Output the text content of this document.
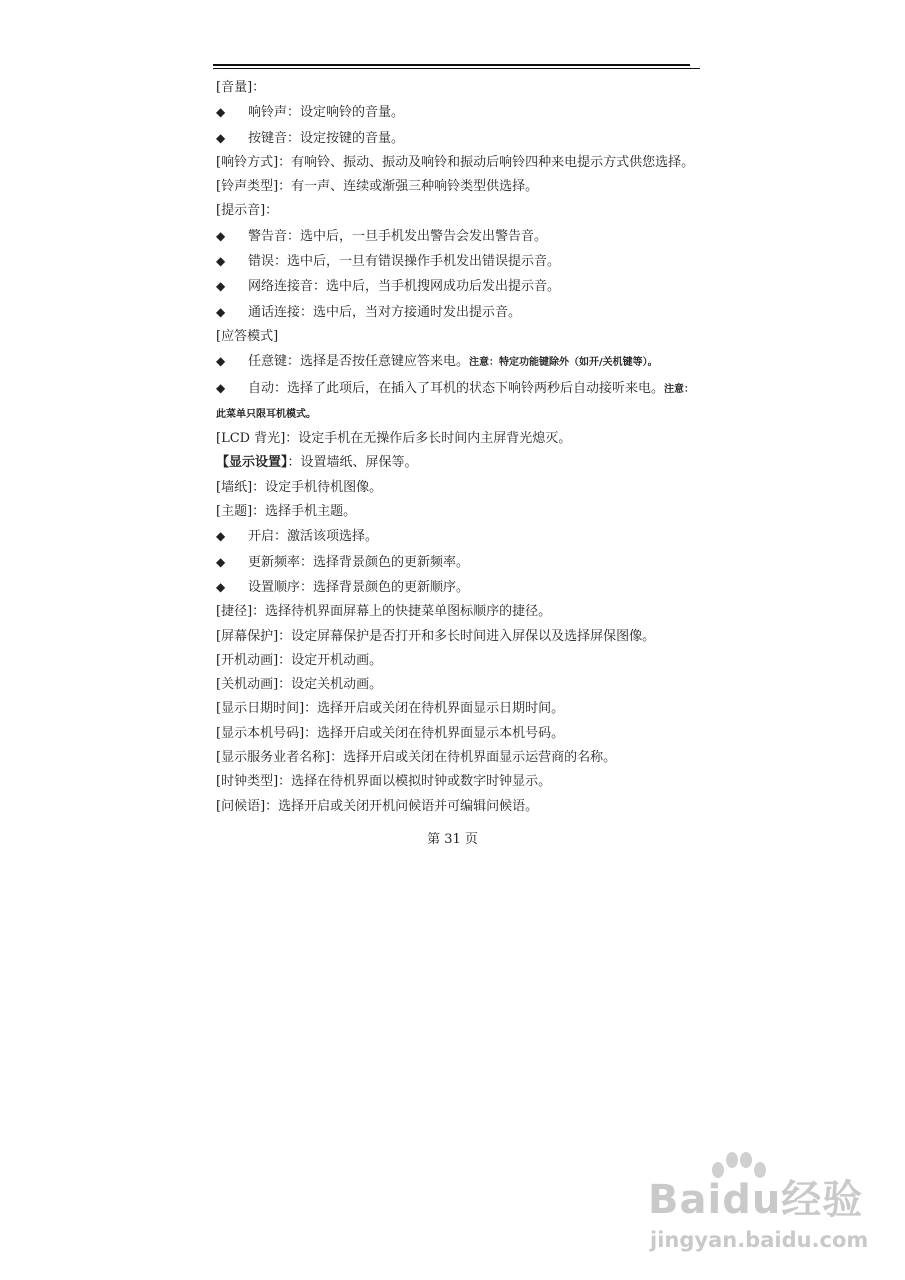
[音量]：
◆ 响铃声：设定响铃的音量。
◆ 按键音：设定按键的音量。
[响铃方式]：有响铃、振动、振动及响铃和振动后响铃四种来电提示方式供您选择。
[铃声类型]：有一声、连续或渐强三种响铃类型供选择。
[提示音]：
◆ 警告音：选中后，一旦手机发出警告会发出警告音。
◆ 错误：选中后，一旦有错误操作手机发出错误提示音。
◆ 网络连接音：选中后，当手机搜网成功后发出提示音。
◆ 通话连接：选中后，当对方接通时发出提示音。
[应答模式]
◆ 任意键：选择是否按任意键应答来电。注意：特定功能键除外（如开/关机键等）。
◆ 自动：选择了此项后，在插入了耳机的状态下响铃两秒后自动接听来电。注意：此菜单只限耳机模式。
[LCD 背光]：设定手机在无操作后多长时间内主屏背光熄灭。
【显示设置】：设置墙纸、屏保等。
[墙纸]：设定手机待机图像。
[主题]：选择手机主题。
◆ 开启：激活该项选择。
◆ 更新频率：选择背景颜色的更新频率。
◆ 设置顺序：选择背景颜色的更新顺序。
[捷径]：选择待机界面屏幕上的快捷菜单图标顺序的捷径。
[屏幕保护]：设定屏幕保护是否打开和多长时间进入屏保以及选择屏保图像。
[开机动画]：设定开机动画。
[关机动画]：设定关机动画。
[显示日期时间]：选择开启或关闭在待机界面显示日期时间。
[显示本机号码]：选择开启或关闭在待机界面显示本机号码。
[显示服务业者名称]：选择开启或关闭在待机界面显示运营商的名称。
[时钟类型]：选择在待机界面以模拟时钟或数字时钟显示。
[问候语]：选择开启或关闭开机问候语并可编辑问候语。
第 31 页
Baidu经验
jingyan.baidu.com
